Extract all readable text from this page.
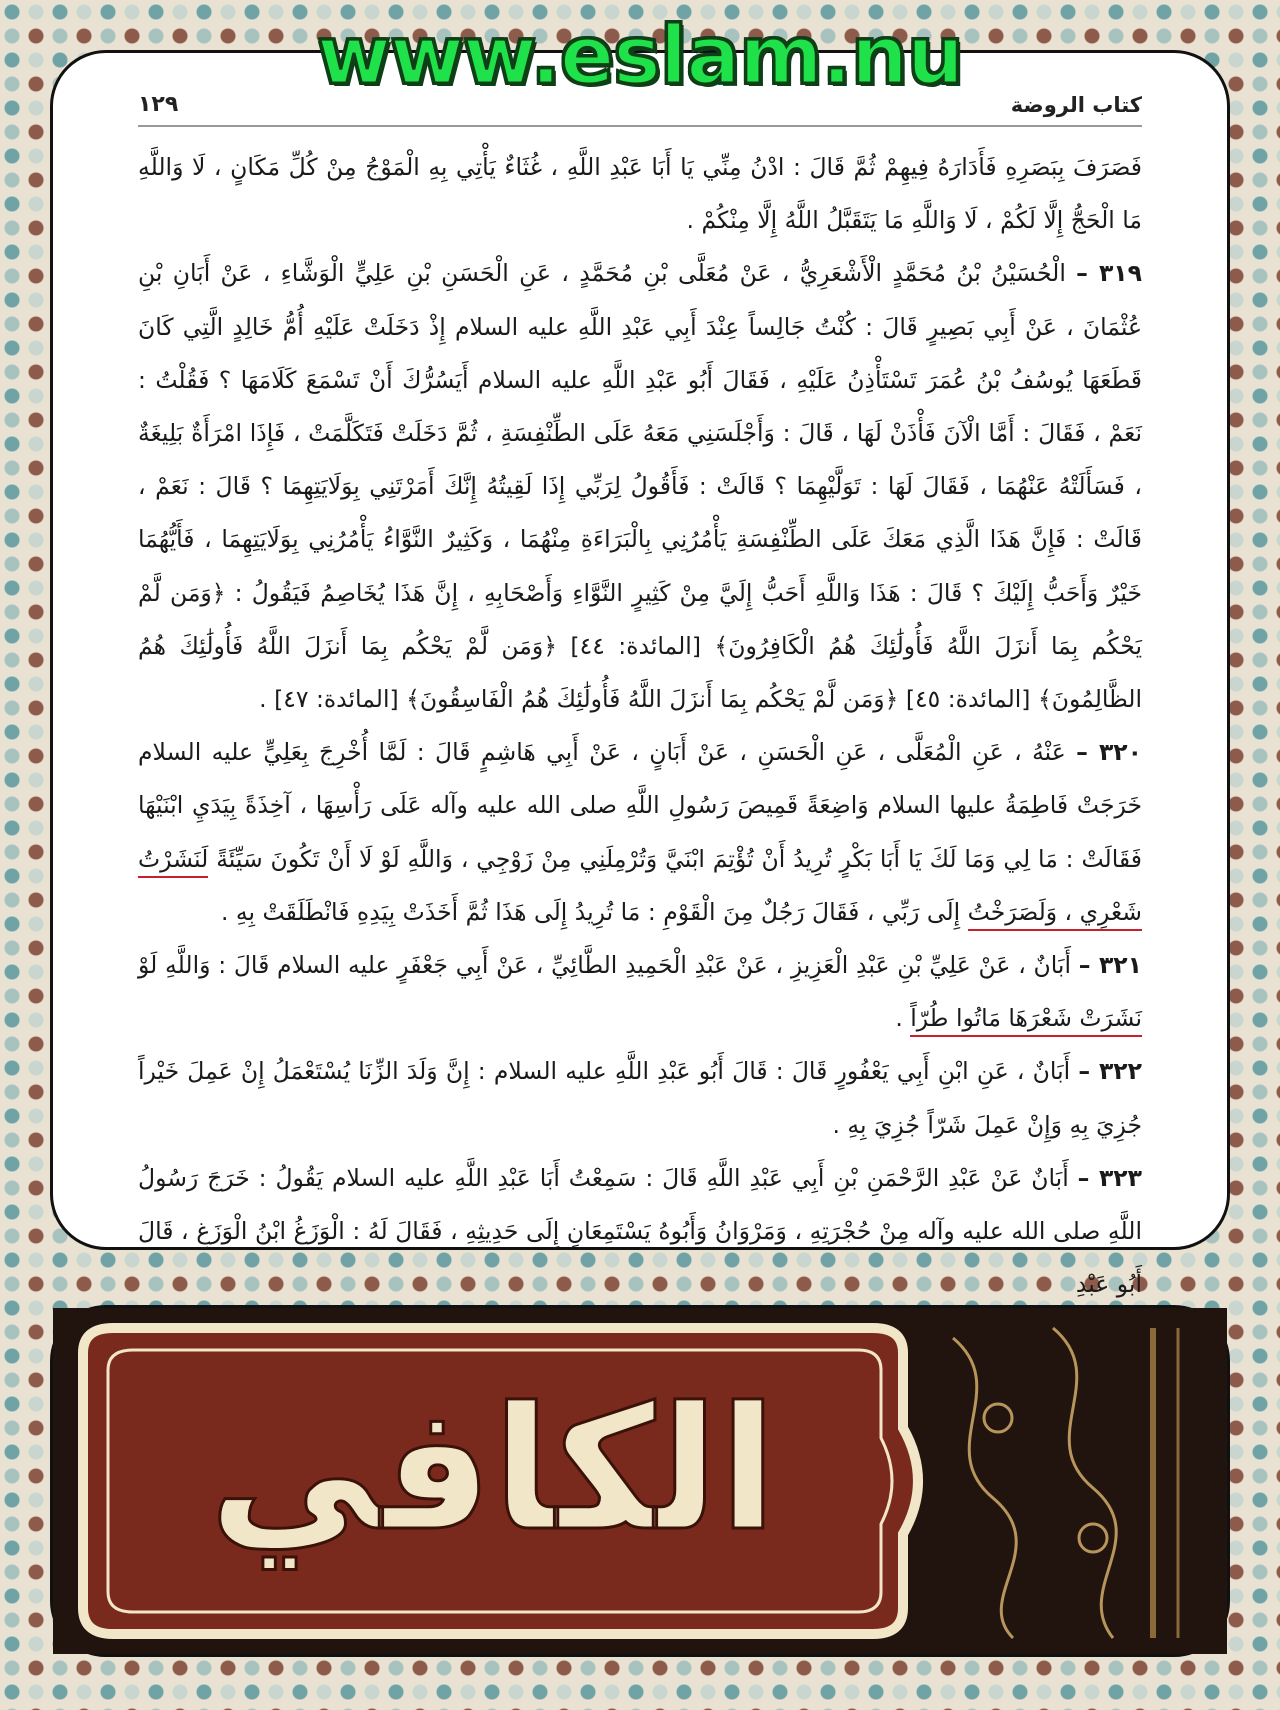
١٢٩	كتاب الروضة

فَصَرَفَ بِبَصَرِهِ فَأَدَارَهُ فِيهِمْ ثُمَّ قَالَ : ادْنُ مِنِّي يَا أَبَا عَبْدِ اللَّهِ ، غُثَاءٌ يَأْتِي بِهِ الْمَوْجُ مِنْ كُلِّ مَكَانٍ ، لَا وَاللَّهِ مَا الْحَجُّ إِلَّا لَكُمْ ، لَا وَاللَّهِ مَا يَتَقَبَّلُ اللَّهُ إِلَّا مِنْكُمْ .

٣١٩ – الْحُسَيْنُ بْنُ مُحَمَّدٍ الْأَشْعَرِيُّ ، عَنْ مُعَلَّى بْنِ مُحَمَّدٍ ، عَنِ الْحَسَنِ بْنِ عَلِيٍّ الْوَشَّاءِ ، عَنْ أَبَانِ بْنِ عُثْمَانَ ، عَنْ أَبِي بَصِيرٍ قَالَ : كُنْتُ جَالِساً عِنْدَ أَبِي عَبْدِ اللَّهِ عليه السلام إِذْ دَخَلَتْ عَلَيْهِ أُمُّ خَالِدٍ الَّتِي كَانَ قَطَعَهَا يُوسُفُ بْنُ عُمَرَ تَسْتَأْذِنُ عَلَيْهِ ، فَقَالَ أَبُو عَبْدِ اللَّهِ عليه السلام أَيَسُرُّكَ أَنْ تَسْمَعَ كَلَامَهَا ؟ فَقُلْتُ : نَعَمْ ، فَقَالَ : أَمَّا الْآنَ فَأْذَنْ لَهَا ، قَالَ : وَأَجْلَسَنِي مَعَهُ عَلَى الطِّنْفِسَةِ ، ثُمَّ دَخَلَتْ فَتَكَلَّمَتْ ، فَإِذَا امْرَأَةٌ بَلِيغَةٌ ، فَسَأَلَتْهُ عَنْهُمَا ، فَقَالَ لَهَا : تَوَلَّيْهِمَا ؟ قَالَتْ : فَأَقُولُ لِرَبِّي إِذَا لَقِيتُهُ إِنَّكَ أَمَرْتَنِي بِوَلَايَتِهِمَا ؟ قَالَ : نَعَمْ ، قَالَتْ : فَإِنَّ هَذَا الَّذِي مَعَكَ عَلَى الطِّنْفِسَةِ يَأْمُرُنِي بِالْبَرَاءَةِ مِنْهُمَا ، وَكَثِيرٌ النَّوَّاءُ يَأْمُرُنِي بِوَلَايَتِهِمَا ، فَأَيُّهُمَا خَيْرٌ وَأَحَبُّ إِلَيْكَ ؟ قَالَ : هَذَا وَاللَّهِ أَحَبُّ إِلَيَّ مِنْ كَثِيرٍ النَّوَّاءِ وَأَصْحَابِهِ ، إِنَّ هَذَا يُخَاصِمُ فَيَقُولُ : ﴿وَمَن لَّمْ يَحْكُم بِمَا أَنزَلَ اللَّهُ فَأُولَٰئِكَ هُمُ الْكَافِرُونَ﴾ [المائدة: ٤٤] ﴿وَمَن لَّمْ يَحْكُم بِمَا أَنزَلَ اللَّهُ فَأُولَٰئِكَ هُمُ الظَّالِمُونَ﴾ [المائدة: ٤٥] ﴿وَمَن لَّمْ يَحْكُم بِمَا أَنزَلَ اللَّهُ فَأُولَٰئِكَ هُمُ الْفَاسِقُونَ﴾ [المائدة: ٤٧] .

٣٢٠ – عَنْهُ ، عَنِ الْمُعَلَّى ، عَنِ الْحَسَنِ ، عَنْ أَبَانٍ ، عَنْ أَبِي هَاشِمٍ قَالَ : لَمَّا أُخْرِجَ بِعَلِيٍّ عليه السلام خَرَجَتْ فَاطِمَةُ عليها السلام وَاضِعَةً قَمِيصَ رَسُولِ اللَّهِ صلى الله عليه وآله عَلَى رَأْسِهَا ، آخِذَةً بِيَدَيِ ابْنَيْهَا فَقَالَتْ : مَا لِي وَمَا لَكَ يَا أَبَا بَكْرٍ تُرِيدُ أَنْ تُؤْتِمَ ابْنَيَّ وَتُرْمِلَنِي مِنْ زَوْجِي ، وَاللَّهِ لَوْ لَا أَنْ تَكُونَ سَيِّئَةً لَنَشَرْتُ شَعْرِي ، وَلَصَرَخْتُ إِلَى رَبِّي ، فَقَالَ رَجُلٌ مِنَ الْقَوْمِ : مَا تُرِيدُ إِلَى هَذَا ثُمَّ أَخَذَتْ بِيَدِهِ فَانْطَلَقَتْ بِهِ .

٣٢١ – أَبَانٌ ، عَنْ عَلِيِّ بْنِ عَبْدِ الْعَزِيزِ ، عَنْ عَبْدِ الْحَمِيدِ الطَّائِيِّ ، عَنْ أَبِي جَعْفَرٍ عليه السلام قَالَ : وَاللَّهِ لَوْ نَشَرَتْ شَعْرَهَا مَاتُوا طُرّاً .

٣٢٢ – أَبَانٌ ، عَنِ ابْنِ أَبِي يَعْفُورٍ قَالَ : قَالَ أَبُو عَبْدِ اللَّهِ عليه السلام : إِنَّ وَلَدَ الزِّنَا يُسْتَعْمَلُ إِنْ عَمِلَ خَيْراً جُزِيَ بِهِ وَإِنْ عَمِلَ شَرّاً جُزِيَ بِهِ .

٣٢٣ – أَبَانٌ عَنْ عَبْدِ الرَّحْمَنِ بْنِ أَبِي عَبْدِ اللَّهِ قَالَ : سَمِعْتُ أَبَا عَبْدِ اللَّهِ عليه السلام يَقُولُ : خَرَجَ رَسُولُ اللَّهِ صلى الله عليه وآله مِنْ حُجْرَتِهِ ، وَمَرْوَانُ وَأَبُوهُ يَسْتَمِعَانِ إِلَى حَدِيثِهِ ، فَقَالَ لَهُ : الْوَزَغُ ابْنُ الْوَزَغِ ، قَالَ أَبُو عَبْدِ

www.eslam.nu
الكافي
